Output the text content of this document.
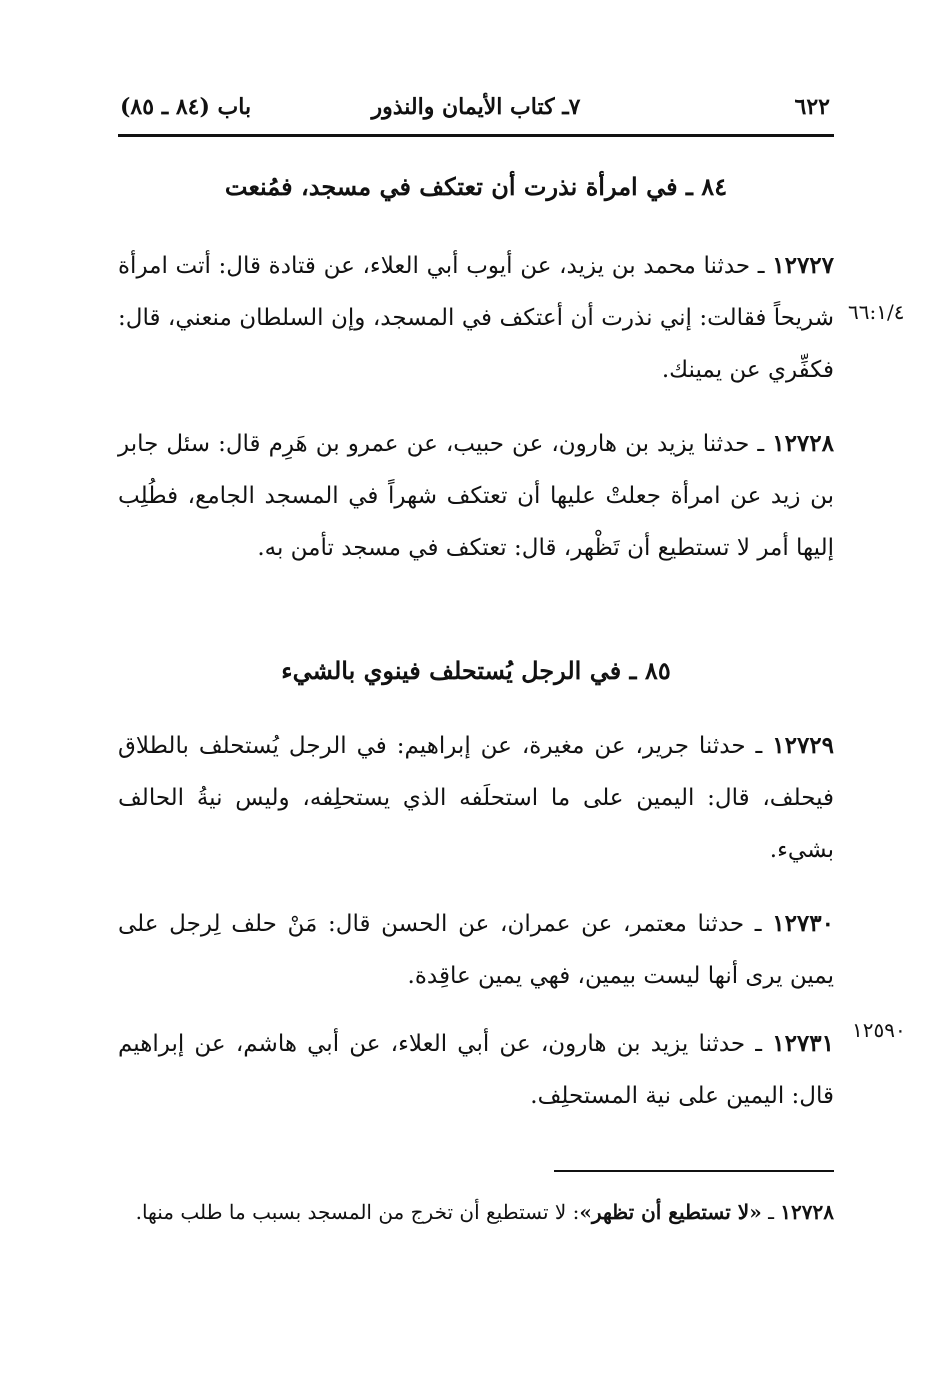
٦٢٢
٧ـ كتاب الأيمان والنذور
باب (٨٤ ـ ٨٥)
٨٤ ـ في امرأة نذرت أن تعتكف في مسجد، فمُنعت
١٢٧٢٧ ـ حدثنا محمد بن يزيد، عن أيوب أبي العلاء، عن قتادة قال: أتت امرأة شريحاً فقالت: إني نذرت أن أعتكف في المسجد، وإن السلطان منعني، قال: فكفِّري عن يمينك.
١٢٧٢٨ ـ حدثنا يزيد بن هارون، عن حبيب، عن عمرو بن هَرِم قال: سئل جابر بن زيد عن امرأة جعلتْ عليها أن تعتكف شهراً في المسجد الجامع، فطُلِب إليها أمر لا تستطيع أن تَظْهر، قال: تعتكف في مسجد تأمن به.
٨٥ ـ في الرجل يُستحلف فينوي بالشيء
١٢٧٢٩ ـ حدثنا جرير، عن مغيرة، عن إبراهيم: في الرجل يُستحلف بالطلاق فيحلف، قال: اليمين على ما استحلَفه الذي يستحلِفه، وليس نيةُ الحالف بشيء.
١٢٧٣٠ ـ حدثنا معتمر، عن عمران، عن الحسن قال: مَنْ حلف لِرجل على يمين يرى أنها ليست بيمين، فهي يمين عاقِدة.
١٢٧٣١ ـ حدثنا يزيد بن هارون، عن أبي العلاء، عن أبي هاشم، عن إبراهيم قال: اليمين على نية المستحلِف.
٦٦:١/٤
١٢٥٩٠
١٢٧٢٨ ـ «لا تستطيع أن تظهر»: لا تستطيع أن تخرج من المسجد بسبب ما طلب منها.
